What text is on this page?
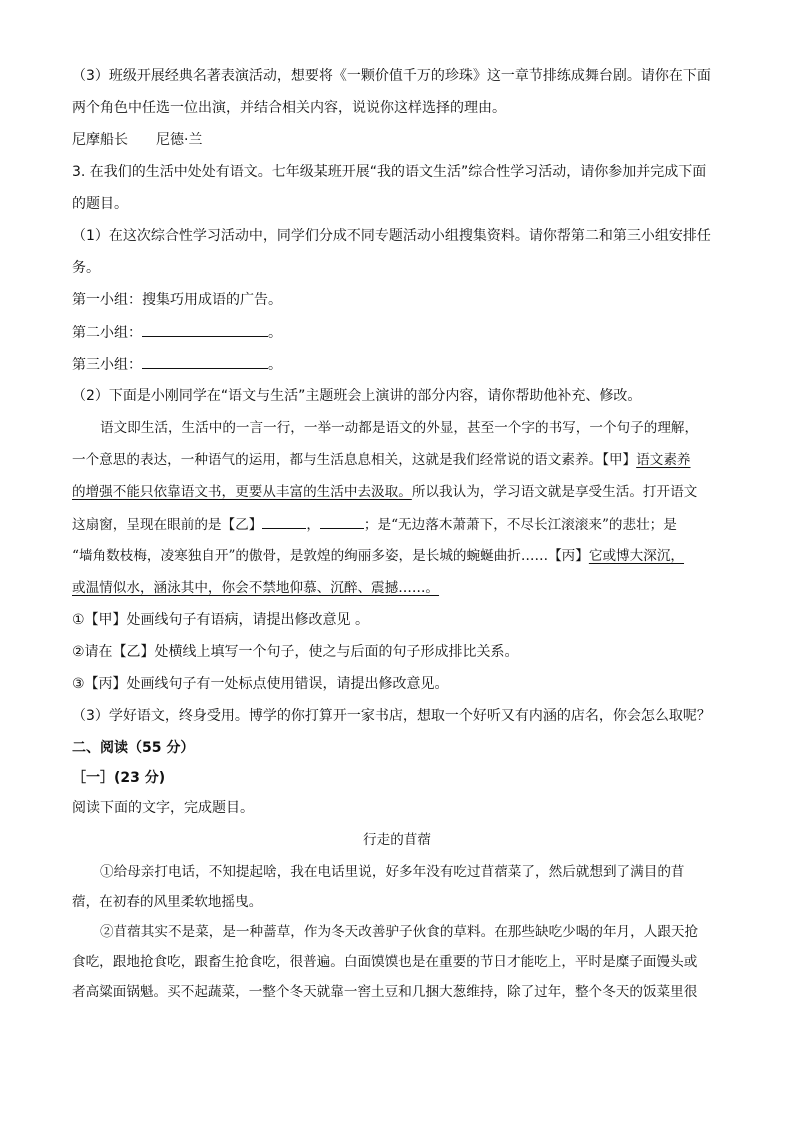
（3）班级开展经典名著表演活动，想要将《一颗价值千万的珍珠》这一章节排练成舞台剧。请你在下面
两个角色中任选一位出演，并结合相关内容，说说你这样选择的理由。
尼摩船长 尼德·兰
3. 在我们的生活中处处有语文。七年级某班开展“我的语文生活”综合性学习活动，请你参加并完成下面
的题目。
（1）在这次综合性学习活动中，同学们分成不同专题活动小组搜集资料。请你帮第二和第三小组安排任
务。
第一小组：搜集巧用成语的广告。
第二小组：	。
第三小组：	。
（2）下面是小刚同学在“语文与生活”主题班会上演讲的部分内容，请你帮助他补充、修改。
语文即生活，生活中的一言一行，一举一动都是语文的外显，甚至一个字的书写，一个句子的理解，
一个意思的表达，一种语气的运用，都与生活息息相关，这就是我们经常说的语文素养。【甲】语文素养
的增强不能只依靠语文书，更要从丰富的生活中去汲取。所以我认为，学习语文就是享受生活。打开语文
这扇窗，呈现在眼前的是【乙】	，	；是“无边落木萧萧下，不尽长江滚滚来”的悲壮；是
“墙角数枝梅，凌寒独自开”的傲骨，是敦煌的绚丽多姿，是长城的蜿蜒曲折……【丙】它或博大深沉，
或温情似水，涵泳其中，你会不禁地仰慕、沉醉、震撼……。
①【甲】处画线句子有语病，请提出修改意见 。
②请在【乙】处横线上填写一个句子，使之与后面的句子形成排比关系。
③【丙】处画线句子有一处标点使用错误，请提出修改意见。
（3）学好语文，终身受用。博学的你打算开一家书店，想取一个好听又有内涵的店名，你会怎么取呢？
二、阅读（55 分）
［一］(23 分)
阅读下面的文字，完成题目。
行走的苜蓿
①给母亲打电话，不知提起啥，我在电话里说，好多年没有吃过苜蓿菜了，然后就想到了满目的苜
蓿，在初春的风里柔软地摇曳。
②苜蓿其实不是菜，是一种蔷草，作为冬天改善驴子伙食的草料。在那些缺吃少喝的年月，人跟天抢
食吃，跟地抢食吃，跟畜生抢食吃，很普遍。白面馍馍也是在重要的节日才能吃上，平时是糜子面馒头或
者高粱面锅魁。买不起蔬菜，一整个冬天就靠一窖土豆和几捆大葱维持，除了过年，整个冬天的饭菜里很
